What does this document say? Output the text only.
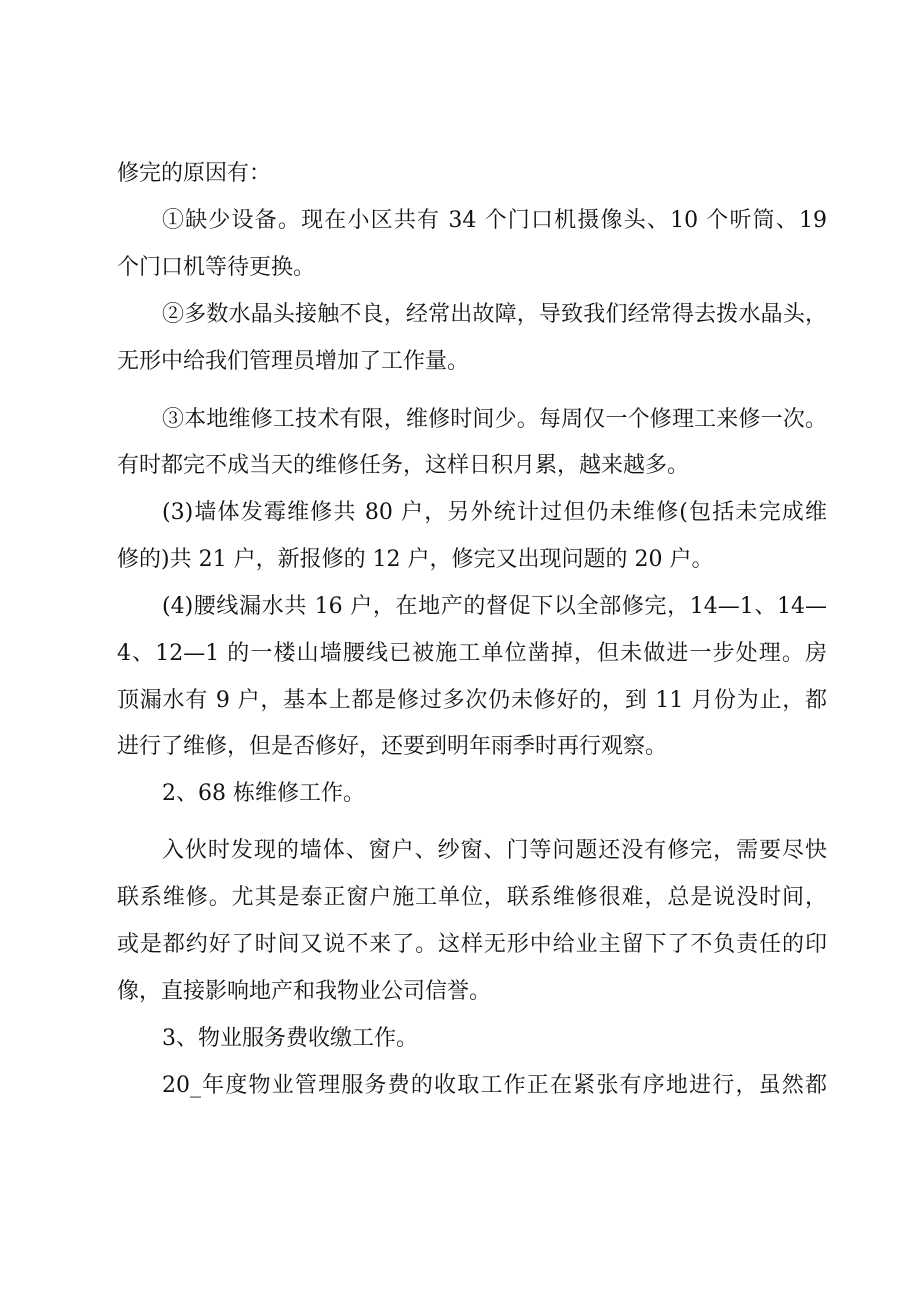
修完的原因有：

①缺少设备。现在小区共有 34 个门口机摄像头、10 个听筒、19

个门口机等待更换。

②多数水晶头接触不良，经常出故障，导致我们经常得去拨水晶头，

无形中给我们管理员增加了工作量。

③本地维修工技术有限，维修时间少。每周仅一个修理工来修一次。

有时都完不成当天的维修任务，这样日积月累，越来越多。

(3)墙体发霉维修共 80 户，另外统计过但仍未维修(包括未完成维

修的)共 21 户，新报修的 12 户，修完又出现问题的 20 户。

(4)腰线漏水共 16 户，在地产的督促下以全部修完，14—1、14—

4、12—1 的一楼山墙腰线已被施工单位凿掉，但未做进一步处理。房

顶漏水有 9 户，基本上都是修过多次仍未修好的，到 11 月份为止，都

进行了维修，但是否修好，还要到明年雨季时再行观察。

2、68 栋维修工作。

入伙时发现的墙体、窗户、纱窗、门等问题还没有修完，需要尽快

联系维修。尤其是泰正窗户施工单位，联系维修很难，总是说没时间，

或是都约好了时间又说不来了。这样无形中给业主留下了不负责任的印

像，直接影响地产和我物业公司信誉。

3、物业服务费收缴工作。

20_年度物业管理服务费的收取工作正在紧张有序地进行，虽然都
